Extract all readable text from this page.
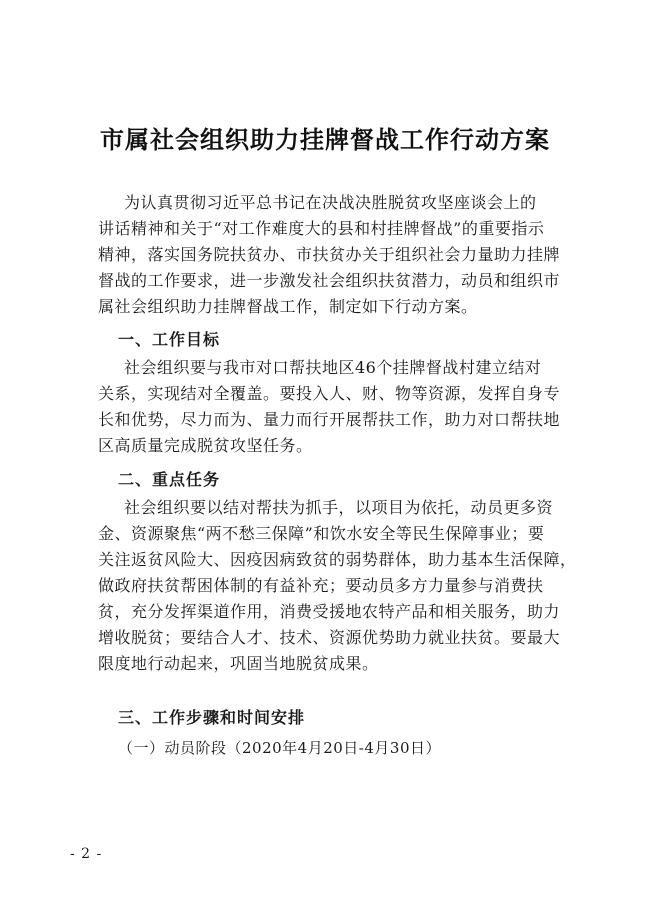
市属社会组织助力挂牌督战工作行动方案
为认真贯彻习近平总书记在决战决胜脱贫攻坚座谈会上的
讲话精神和关于“对工作难度大的县和村挂牌督战”的重要指示
精神，落实国务院扶贫办、市扶贫办关于组织社会力量助力挂牌
督战的工作要求，进一步激发社会组织扶贫潜力，动员和组织市
属社会组织助力挂牌督战工作，制定如下行动方案。
一、工作目标
社会组织要与我市对口帮扶地区46个挂牌督战村建立结对
关系，实现结对全覆盖。要投入人、财、物等资源，发挥自身专
长和优势，尽力而为、量力而行开展帮扶工作，助力对口帮扶地
区高质量完成脱贫攻坚任务。
二、重点任务
社会组织要以结对帮扶为抓手，以项目为依托，动员更多资
金、资源聚焦“两不愁三保障”和饮水安全等民生保障事业；要
关注返贫风险大、因疫因病致贫的弱势群体，助力基本生活保障，
做政府扶贫帮困体制的有益补充；要动员多方力量参与消费扶
贫，充分发挥渠道作用，消费受援地农特产品和相关服务，助力
增收脱贫；要结合人才、技术、资源优势助力就业扶贫。要最大
限度地行动起来，巩固当地脱贫成果。
三、工作步骤和时间安排
（一）动员阶段（2020年4月20日-4月30日）
- 2 -
